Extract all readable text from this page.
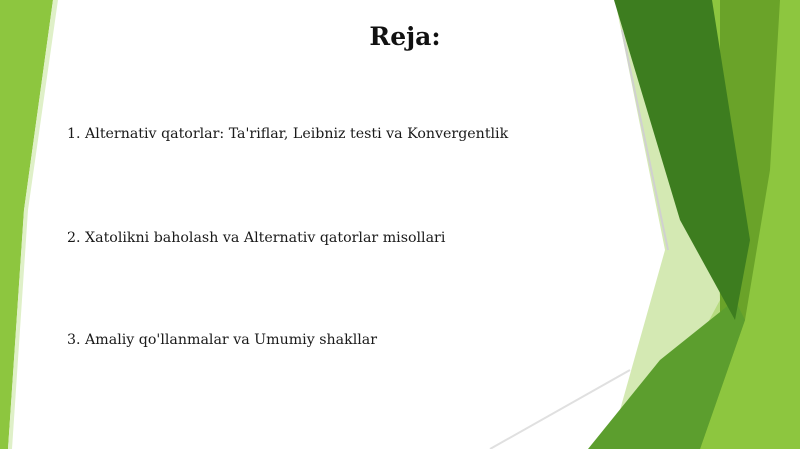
Reja:
1. Alternativ qatorlar: Ta'riflar, Leibniz testi va Konvergentlik
2. Xatolikni baholash va Alternativ qatorlar misollari
3. Amaliy qo'llanmalar va Umumiy shakllar
